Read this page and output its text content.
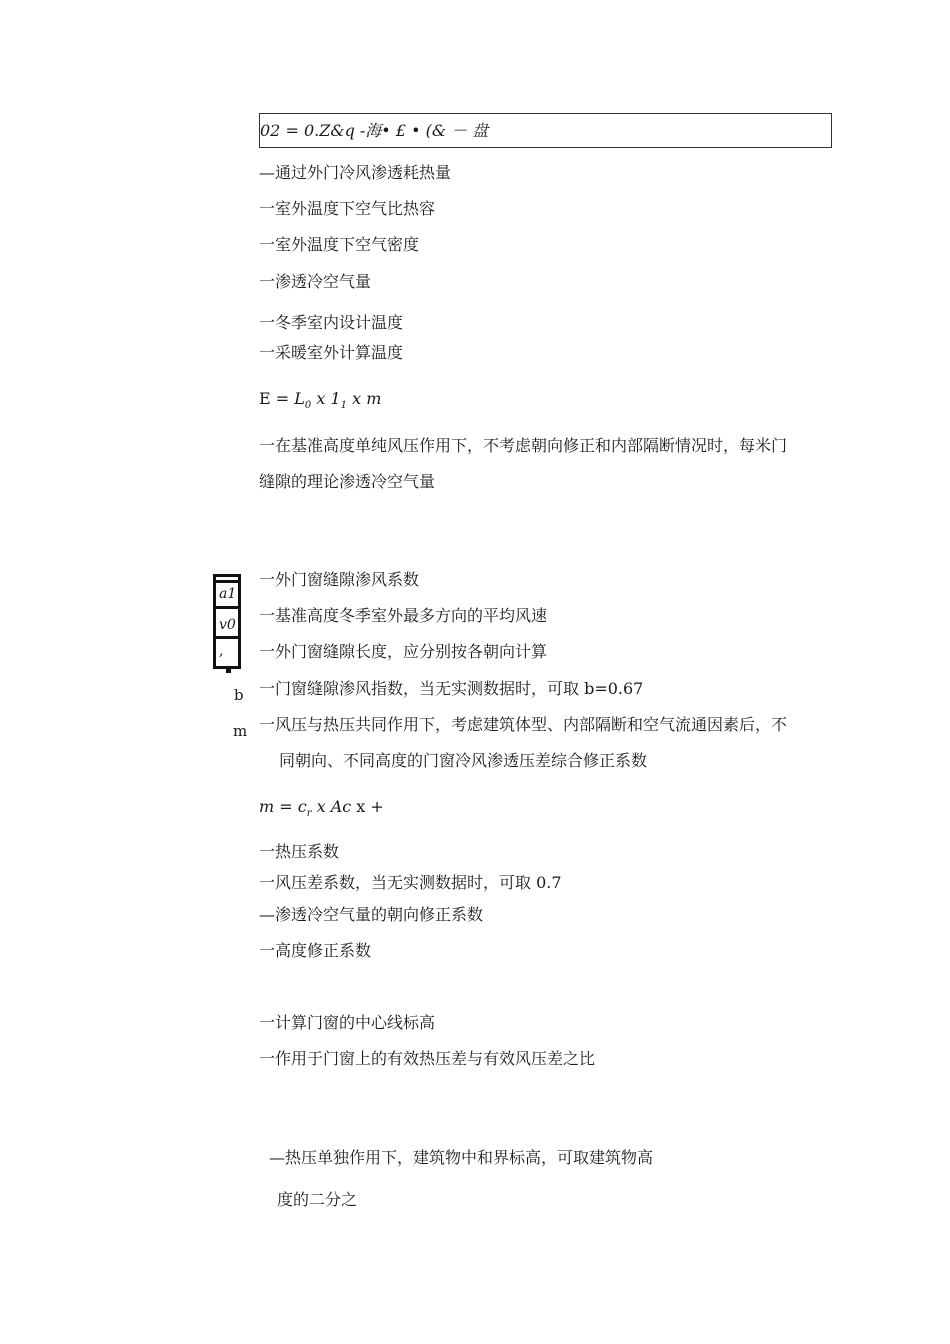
02 = 0.Z&q -海• £ • (& － 盘
—通过外门冷风渗透耗热量
一室外温度下空气比热容
一室外温度下空气密度
一渗透冷空气量
一冬季室内设计温度
一采暖室外计算温度
$E = L_0$ x $1_1$ x m
一在基准高度单纯风压作用下，不考虑朝向修正和内部隔断情况时，每米门
缝隙的理论渗透冷空气量
a1
v0
,
b
m
一外门窗缝隙渗风系数
一基准高度冬季室外最多方向的平均风速
一外门窗缝隙长度，应分别按各朝向计算
一门窗缝隙渗风指数，当无实测数据时，可取 b=0.67
一风压与热压共同作用下，考虑建筑体型、内部隔断和空气流通因素后，不
同朝向、不同高度的门窗冷风渗透压差综合修正系数
$m = c_r$ x Ac x +
一热压系数
一风压差系数，当无实测数据时，可取 0.7
—渗透冷空气量的朝向修正系数
一高度修正系数
一计算门窗的中心线标高
一作用于门窗上的有效热压差与有效风压差之比
—热压单独作用下，建筑物中和界标高，可取建筑物高
度的二分之
